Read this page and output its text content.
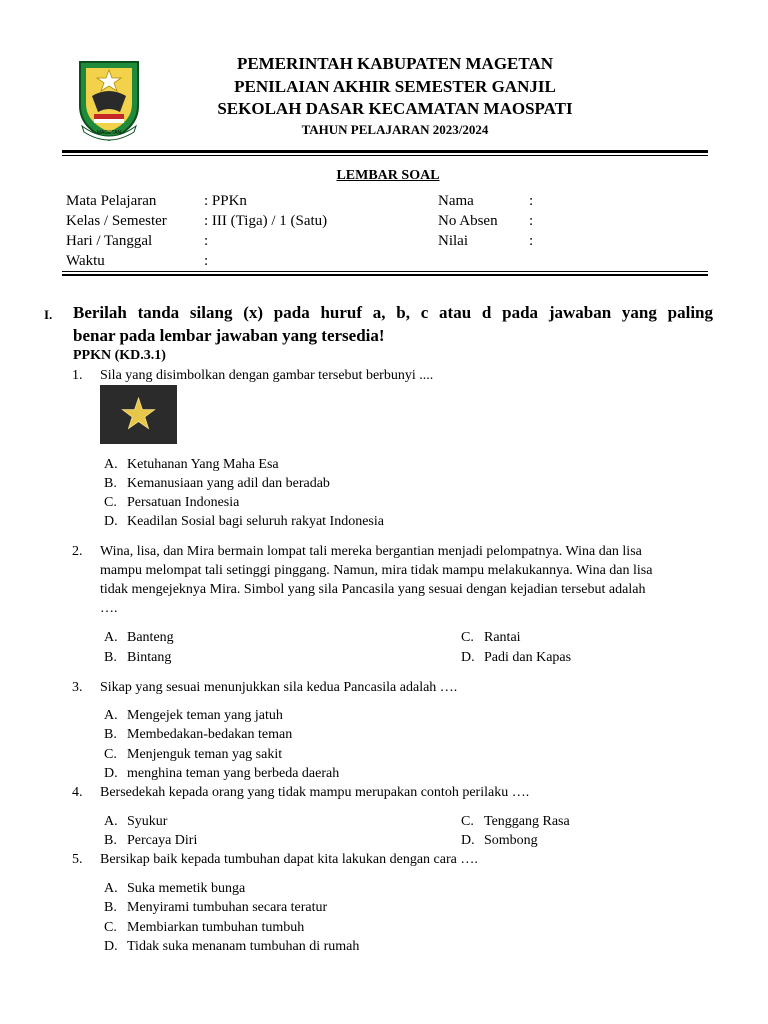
MAGETAN
PEMERINTAH KABUPATEN MAGETAN
PENILAIAN AKHIR SEMESTER GANJIL
SEKOLAH DASAR KECAMATAN MAOSPATI
TAHUN PELAJARAN 2023/2024
LEMBAR SOAL
Mata Pelajaran	: PPKn
Kelas / Semester : III (Tiga) / 1 (Satu)
Hari / Tanggal	:
Waktu	:
Nama	:
No Absen :
Nilai	:
I. Berilah tanda silang (x) pada huruf a, b, c atau d pada jawaban yang paling
benar pada lembar jawaban yang tersedia!
PPKN (KD.3.1)
1. Sila yang disimbolkan dengan gambar tersebut berbunyi ....
A. Ketuhanan Yang Maha Esa
B. Kemanusiaan yang adil dan beradab
C. Persatuan Indonesia
D. Keadilan Sosial bagi seluruh rakyat Indonesia
2. Wina, lisa, dan Mira bermain lompat tali mereka bergantian menjadi pelompatnya. Wina dan lisa
mampu melompat tali setinggi pinggang. Namun, mira tidak mampu melakukannya. Wina dan lisa
tidak mengejeknya Mira. Simbol yang sila Pancasila yang sesuai dengan kejadian tersebut adalah
….
A. Banteng
B. Bintang
C. Rantai
D. Padi dan Kapas
3. Sikap yang sesuai menunjukkan sila kedua Pancasila adalah ….
A. Mengejek teman yang jatuh
B. Membedakan-bedakan teman
C. Menjenguk teman yag sakit
D. menghina teman yang berbeda daerah
4. Bersedekah kepada orang yang tidak mampu merupakan contoh perilaku ….
A. Syukur
B. Percaya Diri
C. Tenggang Rasa
D. Sombong
5. Bersikap baik kepada tumbuhan dapat kita lakukan dengan cara ….
A. Suka memetik bunga
B. Menyirami tumbuhan secara teratur
C. Membiarkan tumbuhan tumbuh
D. Tidak suka menanam tumbuhan di rumah
